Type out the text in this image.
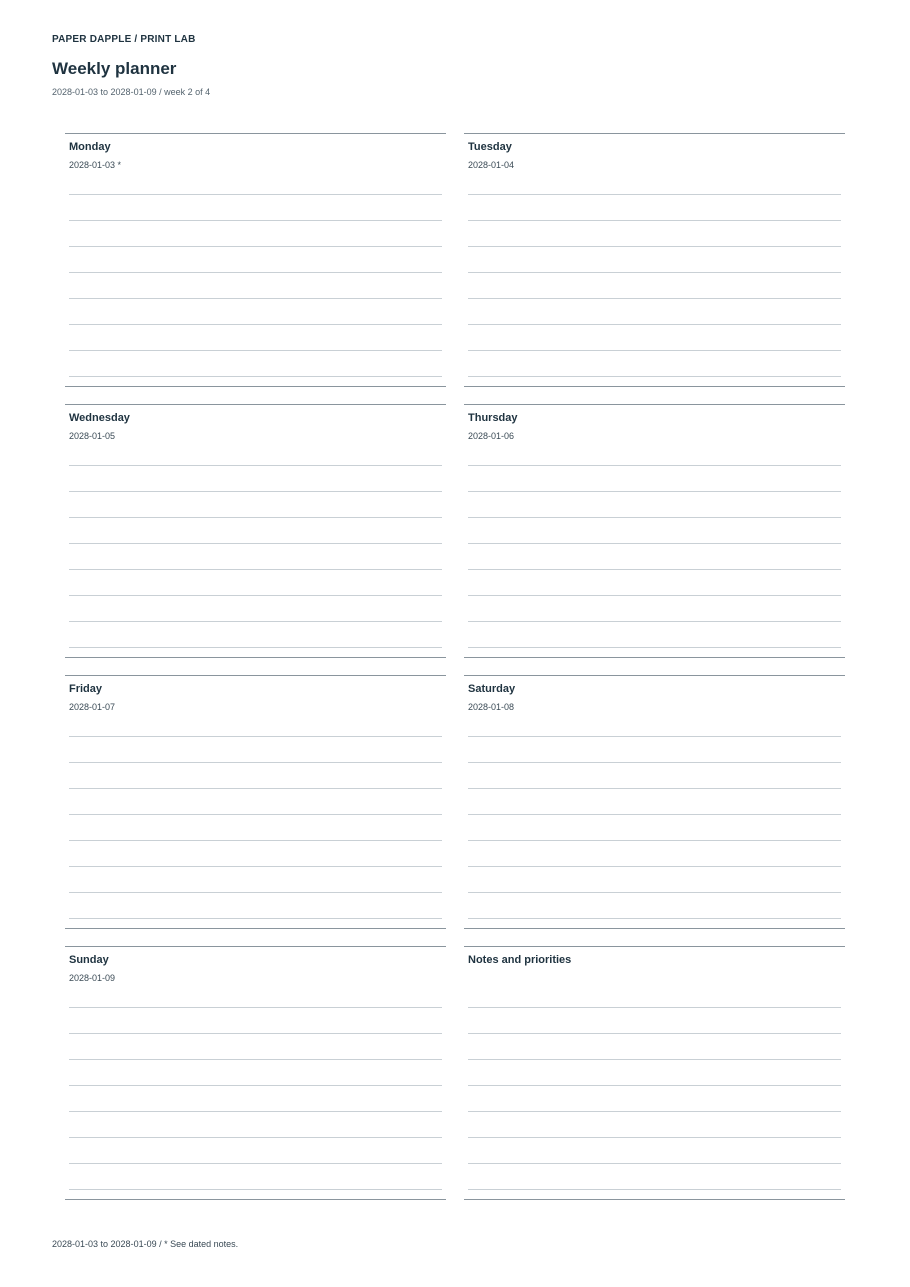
PAPER DAPPLE / PRINT LAB
Weekly planner
2028-01-03 to 2028-01-09 / week 2 of 4
Monday
2028-01-03 *
Tuesday
2028-01-04
Wednesday
2028-01-05
Thursday
2028-01-06
Friday
2028-01-07
Saturday
2028-01-08
Sunday
2028-01-09
Notes and priorities
2028-01-03 to 2028-01-09 / * See dated notes.
